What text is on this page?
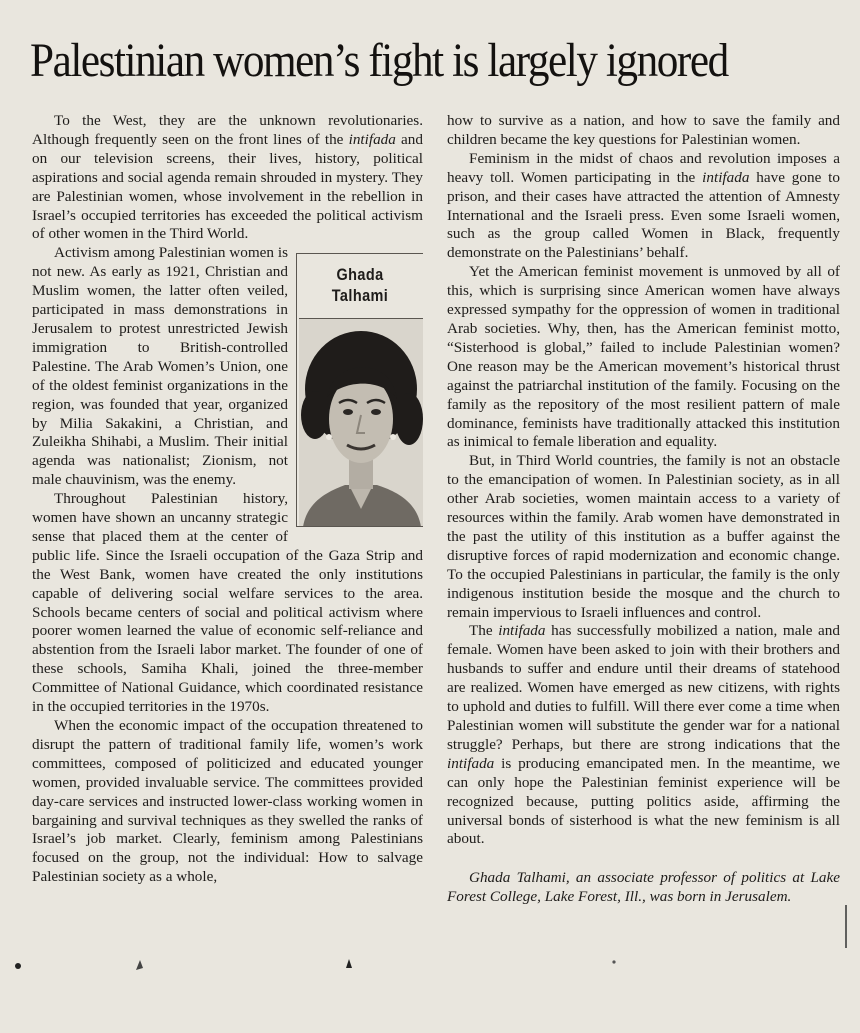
Palestinian women’s fight is largely ignored

To the West, they are the unknown revolutionaries. Although frequently seen on the front lines of the intifada and on our television screens, their lives, history, political aspirations and social agenda remain shrouded in mystery. They are Palestinian women, whose involvement in the rebellion in Israel’s occupied territories has exceeded the political activism of other women in the Third World.

Ghada
Talhami

Activism among Palestinian women is not new. As early as 1921, Christian and Muslim women, the latter often veiled, participated in mass demonstrations in Jerusalem to protest unrestricted Jewish immigration to British-controlled Palestine. The Arab Women’s Union, one of the oldest feminist organizations in the region, was founded that year, organized by Milia Sakakini, a Christian, and Zuleikha Shihabi, a Muslim. Their initial agenda was nationalist; Zionism, not male chauvinism, was the enemy.

Throughout Palestinian history, women have shown an uncanny strategic sense that placed them at the center of public life. Since the Israeli occupation of the Gaza Strip and the West Bank, women have created the only institutions capable of delivering social welfare services to the area. Schools became centers of social and political activism where poorer women learned the value of economic self-reliance and abstention from the Israeli labor market. The founder of one of these schools, Samiha Khali, joined the three-member Committee of National Guidance, which coordinated resistance in the occupied territories in the 1970s.

When the economic impact of the occupation threatened to disrupt the pattern of traditional family life, women’s work committees, composed of politicized and educated younger women, provided invaluable service. The committees provided day-care services and instructed lower-class working women in bargaining and survival techniques as they swelled the ranks of Israel’s job market. Clearly, feminism among Palestinians focused on the group, not the individual: How to salvage Palestinian society as a whole,

how to survive as a nation, and how to save the family and children became the key questions for Palestinian women.

Feminism in the midst of chaos and revolution imposes a heavy toll. Women participating in the intifada have gone to prison, and their cases have attracted the attention of Amnesty International and the Israeli press. Even some Israeli women, such as the group called Women in Black, frequently demonstrate on the Palestinians’ behalf.

Yet the American feminist movement is unmoved by all of this, which is surprising since American women have always expressed sympathy for the oppression of women in traditional Arab societies. Why, then, has the American feminist motto, “Sisterhood is global,” failed to include Palestinian women? One reason may be the American movement’s historical thrust against the patriarchal institution of the family. Focusing on the family as the repository of the most resilient pattern of male dominance, feminists have traditionally attacked this institution as inimical to female liberation and equality.

But, in Third World countries, the family is not an obstacle to the emancipation of women. In Palestinian society, as in all other Arab societies, women maintain access to a variety of resources within the family. Arab women have demonstrated in the past the utility of this institution as a buffer against the disruptive forces of rapid modernization and economic change. To the occupied Palestinians in particular, the family is the only indigenous institution beside the mosque and the church to remain impervious to Israeli influences and control.

The intifada has successfully mobilized a nation, male and female. Women have been asked to join with their brothers and husbands to suffer and endure until their dreams of statehood are realized. Women have emerged as new citizens, with rights to uphold and duties to fulfill. Will there ever come a time when Palestinian women will substitute the gender war for a national struggle? Perhaps, but there are strong indications that the intifada is producing emancipated men. In the meantime, we can only hope the Palestinian feminist experience will be recognized because, putting politics aside, affirming the universal bonds of sisterhood is what the new feminism is all about.

Ghada Talhami, an associate professor of politics at Lake Forest College, Lake Forest, Ill., was born in Jerusalem.
